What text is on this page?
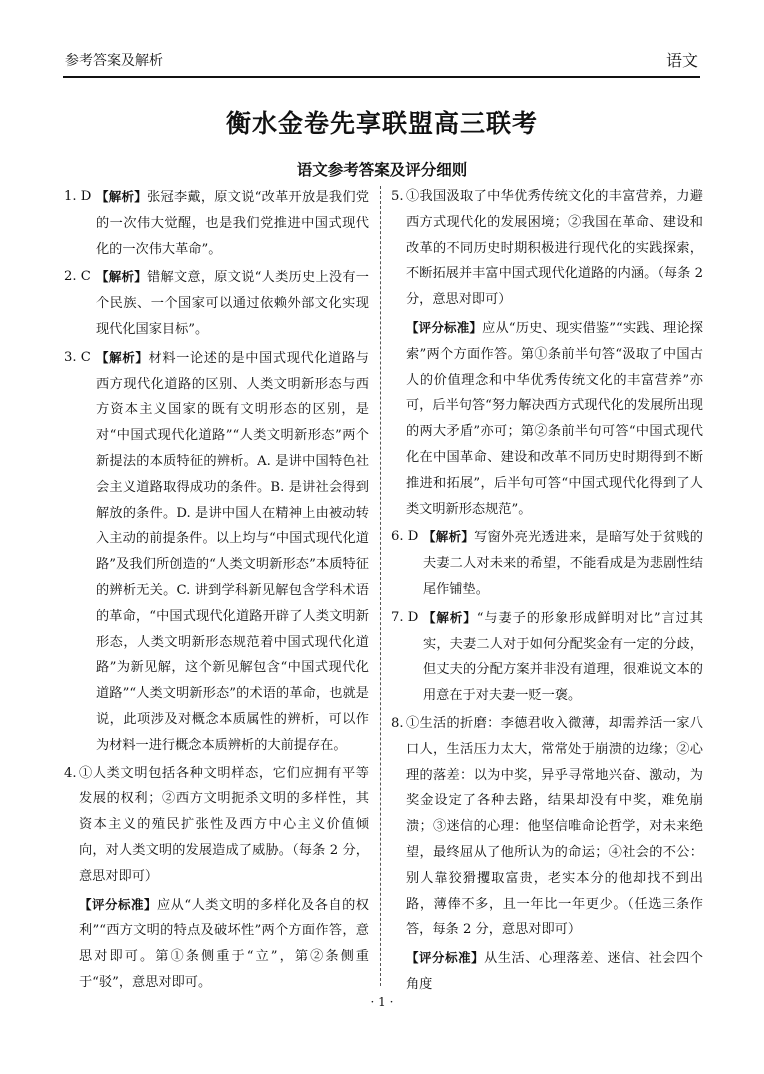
参考答案及解析	语文
衡水金卷先享联盟高三联考
语文参考答案及评分细则
1. D 【解析】张冠李戴，原文说“改革开放是我们党的一次伟大觉醒，也是我们党推进中国式现代化的一次伟大革命”。
2. C 【解析】错解文意，原文说“人类历史上没有一个民族、一个国家可以通过依赖外部文化实现现代化国家目标”。
3. C 【解析】材料一论述的是中国式现代化道路与西方现代化道路的区别、人类文明新形态与西方资本主义国家的既有文明形态的区别，是对“中国式现代化道路”“人类文明新形态”两个新提法的本质特征的辨析。A. 是讲中国特色社会主义道路取得成功的条件。B. 是讲社会得到解放的条件。D. 是讲中国人在精神上由被动转入主动的前提条件。以上均与“中国式现代化道路”及我们所创造的“人类文明新形态”本质特征的辨析无关。C. 讲到学科新见解包含学科术语的革命，“中国式现代化道路开辟了人类文明新形态，人类文明新形态规范着中国式现代化道路”为新见解，这个新见解包含“中国式现代化道路”“人类文明新形态”的术语的革命，也就是说，此项涉及对概念本质属性的辨析，可以作为材料一进行概念本质辨析的大前提存在。
4. ①人类文明包括各种文明样态，它们应拥有平等发展的权利；②西方文明扼杀文明的多样性，其资本主义的殖民扩张性及西方中心主义价值倾向，对人类文明的发展造成了威胁。（每条 2 分，意思对即可）
【评分标准】应从“人类文明的多样化及各自的权利”“西方文明的特点及破坏性”两个方面作答，意思对即可。第①条侧重于“立”，第②条侧重于“驳”，意思对即可。
5. ①我国汲取了中华优秀传统文化的丰富营养，力避西方式现代化的发展困境；②我国在革命、建设和改革的不同历史时期积极进行现代化的实践探索，不断拓展并丰富中国式现代化道路的内涵。（每条 2 分，意思对即可）
【评分标准】应从“历史、现实借鉴”“实践、理论探索”两个方面作答。第①条前半句答“汲取了中国古人的价值理念和中华优秀传统文化的丰富营养”亦可，后半句答“努力解决西方式现代化的发展所出现的两大矛盾”亦可；第②条前半句可答“中国式现代化在中国革命、建设和改革不同历史时期得到不断推进和拓展”，后半句可答“中国式现代化得到了人类文明新形态规范”。
6. D 【解析】写窗外亮光透进来，是暗写处于贫贱的夫妻二人对未来的希望，不能看成是为悲剧性结尾作铺垫。
7. D 【解析】“与妻子的形象形成鲜明对比”言过其实，夫妻二人对于如何分配奖金有一定的分歧，但丈夫的分配方案并非没有道理，很难说文本的用意在于对夫妻一贬一褒。
8. ①生活的折磨：李德君收入微薄，却需养活一家八口人，生活压力太大，常常处于崩溃的边缘；②心理的落差：以为中奖，异乎寻常地兴奋、激动，为奖金设定了各种去路，结果却没有中奖，难免崩溃；③迷信的心理：他坚信唯命论哲学，对未来绝望，最终屈从了他所认为的命运；④社会的不公：别人靠狡猾攫取富贵，老实本分的他却找不到出路，薄俸不多，且一年比一年更少。（任选三条作答，每条 2 分，意思对即可）
【评分标准】从生活、心理落差、迷信、社会四个角度
· 1 ·
